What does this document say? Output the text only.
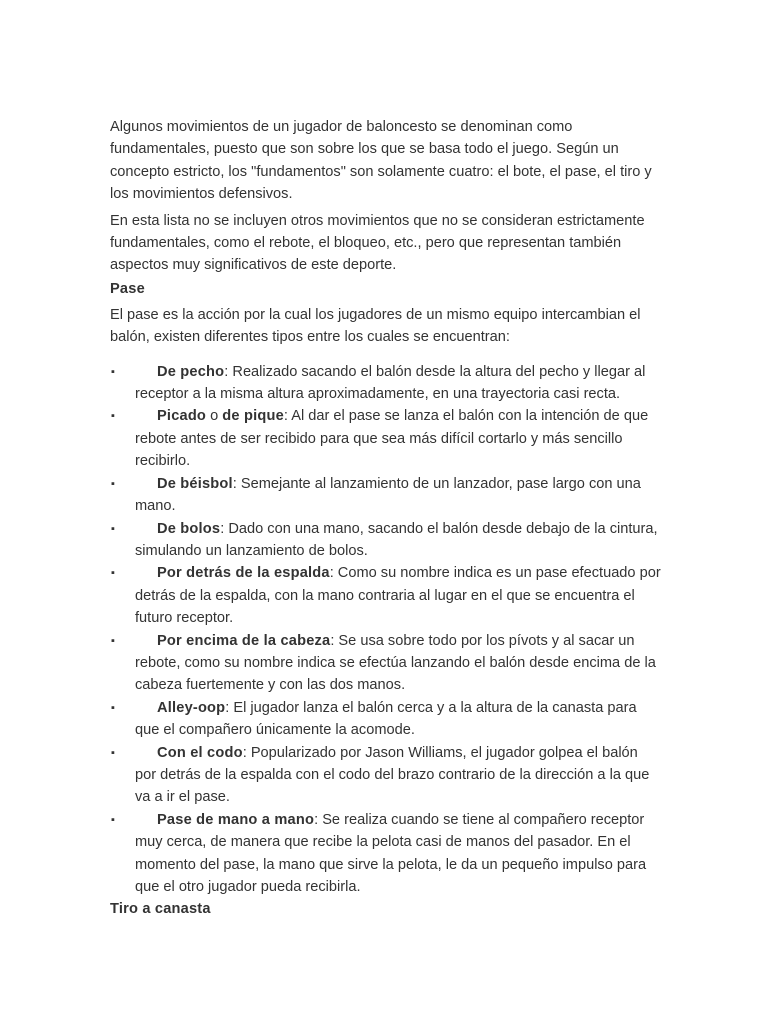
Algunos movimientos de un jugador de baloncesto se denominan como fundamentales, puesto que son sobre los que se basa todo el juego. Según un concepto estricto, los "fundamentos" son solamente cuatro: el bote, el pase, el tiro y los movimientos defensivos.

En esta lista no se incluyen otros movimientos que no se consideran estrictamente fundamentales, como el rebote, el bloqueo, etc., pero que representan también aspectos muy significativos de este deporte.

Pase

El pase es la acción por la cual los jugadores de un mismo equipo intercambian el balón, existen diferentes tipos entre los cuales se encuentran:

▪	De pecho: Realizado sacando el balón desde la altura del pecho y llegar al receptor a la misma altura aproximadamente, en una trayectoria casi recta.
▪	Picado o de pique: Al dar el pase se lanza el balón con la intención de que rebote antes de ser recibido para que sea más difícil cortarlo y más sencillo recibirlo.
▪	De béisbol: Semejante al lanzamiento de un lanzador, pase largo con una mano.
▪	De bolos: Dado con una mano, sacando el balón desde debajo de la cintura, simulando un lanzamiento de bolos.
▪	Por detrás de la espalda: Como su nombre indica es un pase efectuado por detrás de la espalda, con la mano contraria al lugar en el que se encuentra el futuro receptor.
▪	Por encima de la cabeza: Se usa sobre todo por los pívots y al sacar un rebote, como su nombre indica se efectúa lanzando el balón desde encima de la cabeza fuertemente y con las dos manos.
▪	Alley-oop: El jugador lanza el balón cerca y a la altura de la canasta para que el compañero únicamente la acomode.
▪	Con el codo: Popularizado por Jason Williams, el jugador golpea el balón por detrás de la espalda con el codo del brazo contrario de la dirección a la que va a ir el pase.
▪	Pase de mano a mano: Se realiza cuando se tiene al compañero receptor muy cerca, de manera que recibe la pelota casi de manos del pasador. En el momento del pase, la mano que sirve la pelota, le da un pequeño impulso para que el otro jugador pueda recibirla.
Tiro a canasta
